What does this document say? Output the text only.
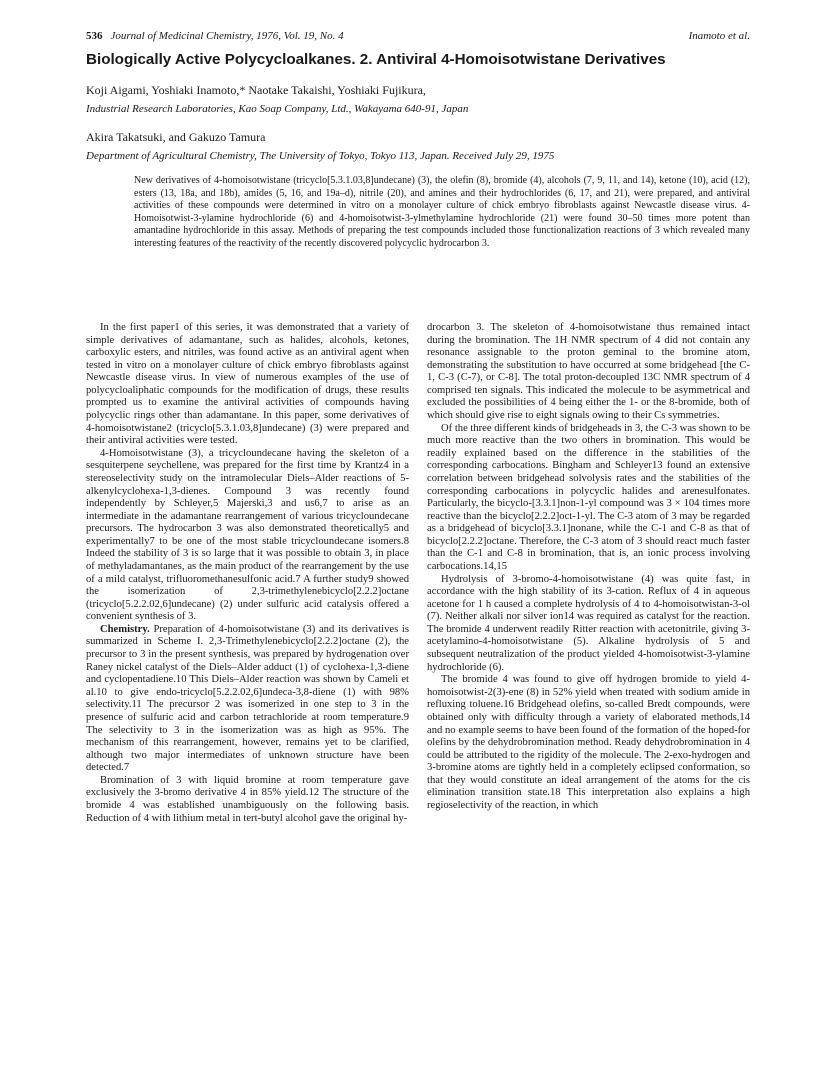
536 Journal of Medicinal Chemistry, 1976, Vol. 19, No. 4	Inamoto et al.
Biologically Active Polycycloalkanes. 2. Antiviral 4-Homoisotwistane Derivatives

Koji Aigami, Yoshiaki Inamoto,* Naotake Takaishi, Yoshiaki Fujikura,

Industrial Research Laboratories, Kao Soap Company, Ltd., Wakayama 640-91, Japan

Akira Takatsuki, and Gakuzo Tamura

Department of Agricultural Chemistry, The University of Tokyo, Tokyo 113, Japan. Received July 29, 1975

New derivatives of 4-homoisotwistane (tricyclo[5.3.1.03,8]undecane) (3), the olefin (8), bromide (4), alcohols (7, 9, 11, and 14), ketone (10), acid (12), esters (13, 18a, and 18b), amides (5, 16, and 19a–d), nitrile (20), and amines and their hydrochlorides (6, 17, and 21), were prepared, and antiviral activities of these compounds were determined in vitro on a monolayer culture of chick embryo fibroblasts against Newcastle disease virus. 4-Homoisotwist-3-ylamine hydrochloride (6) and 4-homoisotwist-3-ylmethylamine hydrochloride (21) were found 30–50 times more potent than amantadine hydrochloride in this assay. Methods of preparing the test compounds included those functionalization reactions of 3 which revealed many interesting features of the reactivity of the recently discovered polycyclic hydrocarbon 3.

In the first paper1 of this series, it was demonstrated that a variety of simple derivatives of adamantane, such as halides, alcohols, ketones, carboxylic esters, and nitriles, was found active as an antiviral agent when tested in vitro on a monolayer culture of chick embryo fibroblasts against Newcastle disease virus. In view of numerous examples of the use of polycycloaliphatic compounds for the modification of drugs, these results prompted us to examine the antiviral activities of compounds having polycyclic rings other than adamantane. In this paper, some derivatives of 4-homoisotwistane2 (tricyclo[5.3.1.03,8]undecane) (3) were prepared and their antiviral activities were tested.

4-Homoisotwistane (3), a tricycloundecane having the skeleton of a sesquiterpene seychellene, was prepared for the first time by Krantz4 in a stereoselectivity study on the intramolecular Diels–Alder reactions of 5-alkenylcyclohexa-1,3-dienes. Compound 3 was recently found independently by Schleyer,5 Majerski,3 and us6,7 to arise as an intermediate in the adamantane rearrangement of various tricycloundecane precursors. The hydrocarbon 3 was also demonstrated theoretically5 and experimentally7 to be one of the most stable tricycloundecane isomers.8 Indeed the stability of 3 is so large that it was possible to obtain 3, in place of methyladamantanes, as the main product of the rearrangement by the use of a mild catalyst, trifluoromethanesulfonic acid.7 A further study9 showed the isomerization of 2,3-trimethylenebicyclo[2.2.2]octane (tricyclo[5.2.2.02,6]undecane) (2) under sulfuric acid catalysis offered a convenient synthesis of 3.

Chemistry. Preparation of 4-homoisotwistane (3) and its derivatives is summarized in Scheme I. 2,3-Trimethylenebicyclo[2.2.2]octane (2), the precursor to 3 in the present synthesis, was prepared by hydrogenation over Raney nickel catalyst of the Diels–Alder adduct (1) of cyclohexa-1,3-diene and cyclopentadiene.10 This Diels–Alder reaction was shown by Cameli et al.10 to give endo-tricyclo[5.2.2.02,6]undeca-3,8-diene (1) with 98% selectivity.11 The precursor 2 was isomerized in one step to 3 in the presence of sulfuric acid and carbon tetrachloride at room temperature.9 The selectivity to 3 in the isomerization was as high as 95%. The mechanism of this rearrangement, however, remains yet to be clarified, although two major intermediates of unknown structure have been detected.7

Bromination of 3 with liquid bromine at room temperature gave exclusively the 3-bromo derivative 4 in 85% yield.12 The structure of the bromide 4 was established unambiguously on the following basis. Reduction of 4 with lithium metal in tert-butyl alcohol gave the original hy-

drocarbon 3. The skeleton of 4-homoisotwistane thus remained intact during the bromination. The 1H NMR spectrum of 4 did not contain any resonance assignable to the proton geminal to the bromine atom, demonstrating the substitution to have occurred at some bridgehead [the C-1, C-3 (C-7), or C-8]. The total proton-decoupled 13C NMR spectrum of 4 comprised ten signals. This indicated the molecule to be asymmetrical and excluded the possibilities of 4 being either the 1- or the 8-bromide, both of which should give rise to eight signals owing to their Cs symmetries.

Of the three different kinds of bridgeheads in 3, the C-3 was shown to be much more reactive than the two others in bromination. This would be readily explained based on the difference in the stabilities of the corresponding carbocations. Bingham and Schleyer13 found an extensive correlation between bridgehead solvolysis rates and the stabilities of the corresponding carbocations in polycyclic halides and arenesulfonates. Particularly, the bicyclo-[3.3.1]non-1-yl compound was 3 × 104 times more reactive than the bicyclo[2.2.2]oct-1-yl. The C-3 atom of 3 may be regarded as a bridgehead of bicyclo[3.3.1]nonane, while the C-1 and C-8 as that of bicyclo[2.2.2]octane. Therefore, the C-3 atom of 3 should react much faster than the C-1 and C-8 in bromination, that is, an ionic process involving carbocations.14,15

Hydrolysis of 3-bromo-4-homoisotwistane (4) was quite fast, in accordance with the high stability of its 3-cation. Reflux of 4 in aqueous acetone for 1 h caused a complete hydrolysis of 4 to 4-homoisotwistan-3-ol (7). Neither alkali nor silver ion14 was required as catalyst for the reaction. The bromide 4 underwent readily Ritter reaction with acetonitrile, giving 3-acetylamino-4-homoisotwistane (5). Alkaline hydrolysis of 5 and subsequent neutralization of the product yielded 4-homoisotwist-3-ylamine hydrochloride (6).

The bromide 4 was found to give off hydrogen bromide to yield 4-homoisotwist-2(3)-ene (8) in 52% yield when treated with sodium amide in refluxing toluene.16 Bridgehead olefins, so-called Bredt compounds, were obtained only with difficulty through a variety of elaborated methods,14 and no example seems to have been found of the formation of the hoped-for olefins by the dehydrobromination method. Ready dehydrobromination in 4 could be attributed to the rigidity of the molecule. The 2-exo-hydrogen and 3-bromine atoms are tightly held in a completely eclipsed conformation, so that they would constitute an ideal arrangement of the atoms for the cis elimination transition state.18 This interpretation also explains a high regioselectivity of the reaction, in which
